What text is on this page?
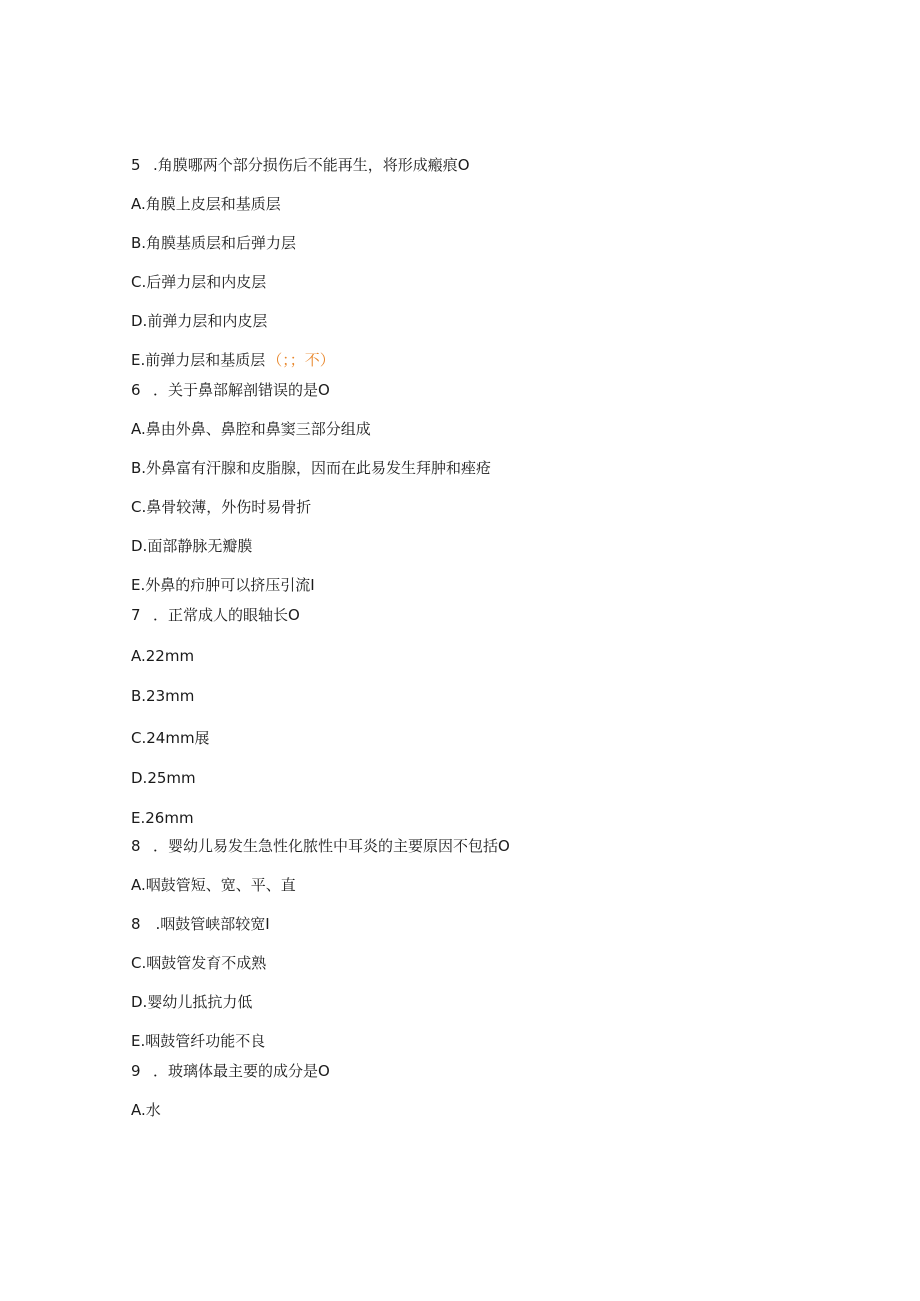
5 .角膜哪两个部分损伤后不能再生，将形成瘢痕O
A.角膜上皮层和基质层
B.角膜基质层和后弹力层
C.后弹力层和内皮层
D.前弹力层和内皮层
E.前弹力层和基质层 （；；不）
6 ．关于鼻部解剖错误的是O
A.鼻由外鼻、鼻腔和鼻窦三部分组成
B.外鼻富有汗腺和皮脂腺，因而在此易发生拜肿和痤疮
C.鼻骨较薄，外伤时易骨折
D.面部静脉无瓣膜
E.外鼻的疖肿可以挤压引流I
7 ．正常成人的眼轴长O
A.22mm
B.23mm
C.24mm展
D.25mm
E.26mm
8 ．婴幼儿易发生急性化脓性中耳炎的主要原因不包括O
A.咽鼓管短、宽、平、直
8　.咽鼓管峡部较宽I
C.咽鼓管发育不成熟
D.婴幼儿抵抗力低
E.咽鼓管纤功能不良
9 ．玻璃体最主要的成分是O
A.水
